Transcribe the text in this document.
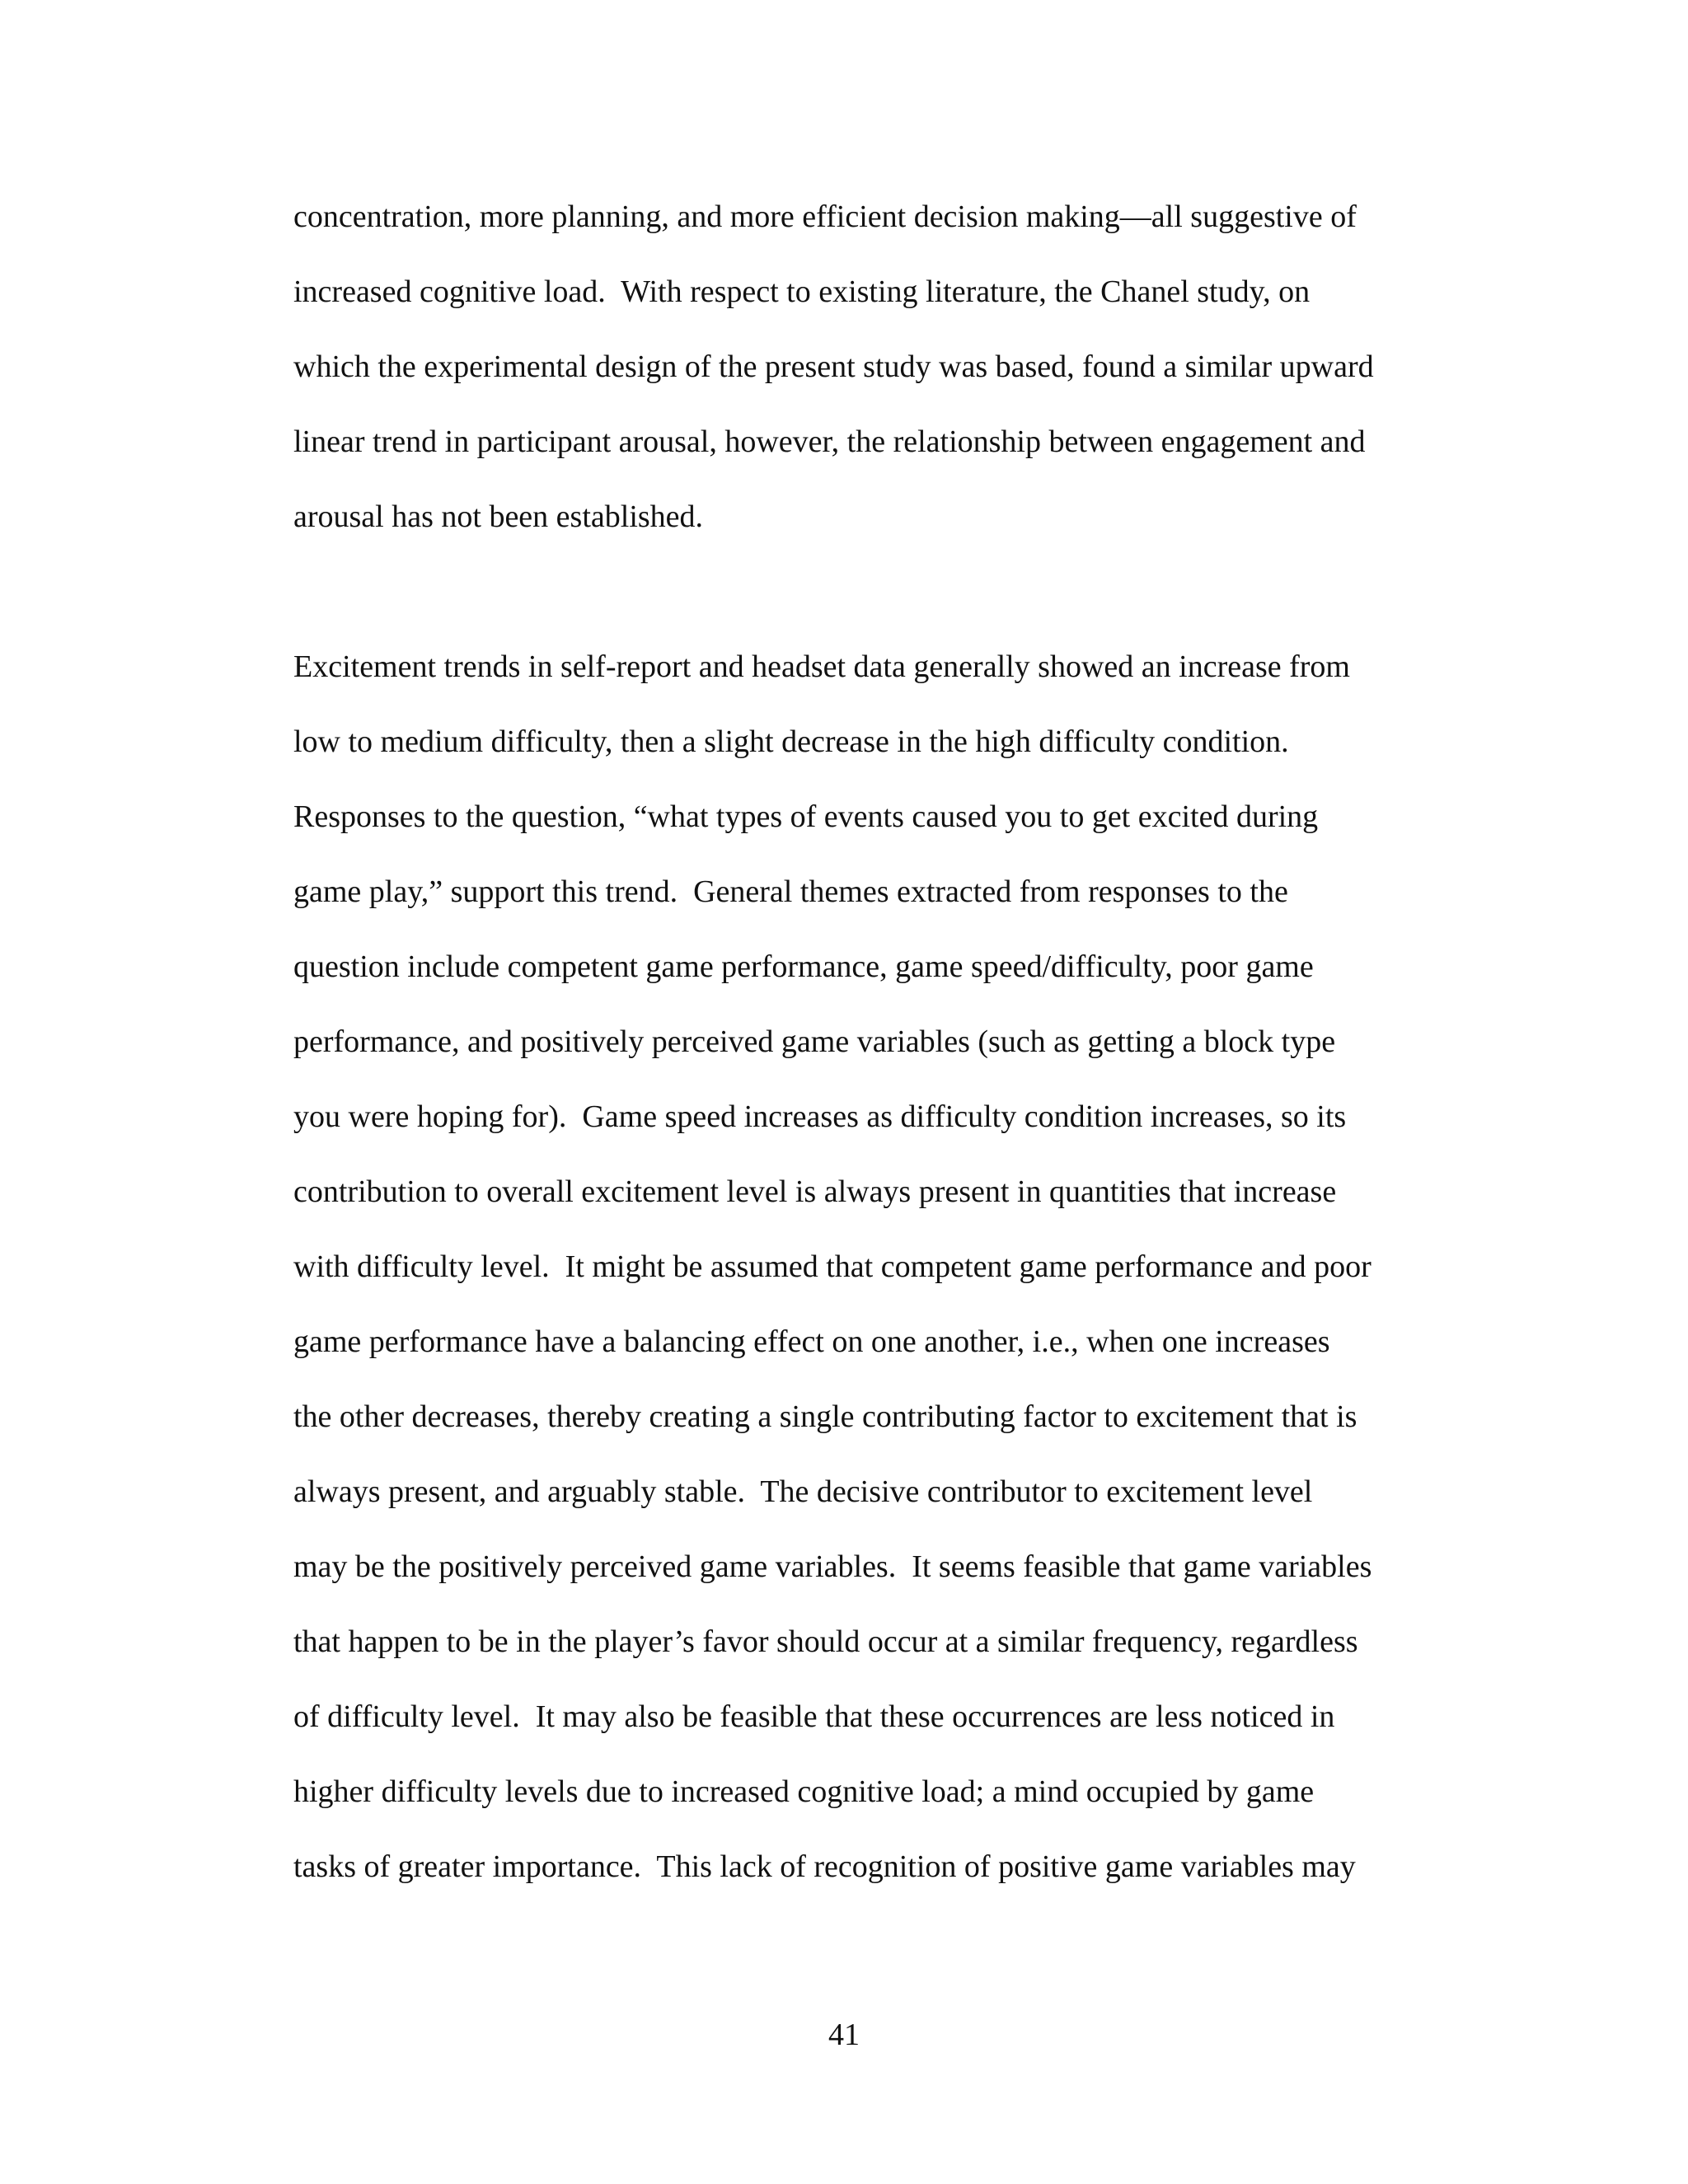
concentration, more planning, and more efficient decision making—all suggestive of
increased cognitive load.  With respect to existing literature, the Chanel study, on
which the experimental design of the present study was based, found a similar upward
linear trend in participant arousal, however, the relationship between engagement and
arousal has not been established.
Excitement trends in self-report and headset data generally showed an increase from
low to medium difficulty, then a slight decrease in the high difficulty condition.
Responses to the question, “what types of events caused you to get excited during
game play,” support this trend.  General themes extracted from responses to the
question include competent game performance, game speed/difficulty, poor game
performance, and positively perceived game variables (such as getting a block type
you were hoping for).  Game speed increases as difficulty condition increases, so its
contribution to overall excitement level is always present in quantities that increase
with difficulty level.  It might be assumed that competent game performance and poor
game performance have a balancing effect on one another, i.e., when one increases
the other decreases, thereby creating a single contributing factor to excitement that is
always present, and arguably stable.  The decisive contributor to excitement level
may be the positively perceived game variables.  It seems feasible that game variables
that happen to be in the player’s favor should occur at a similar frequency, regardless
of difficulty level.  It may also be feasible that these occurrences are less noticed in
higher difficulty levels due to increased cognitive load; a mind occupied by game
tasks of greater importance.  This lack of recognition of positive game variables may
41
